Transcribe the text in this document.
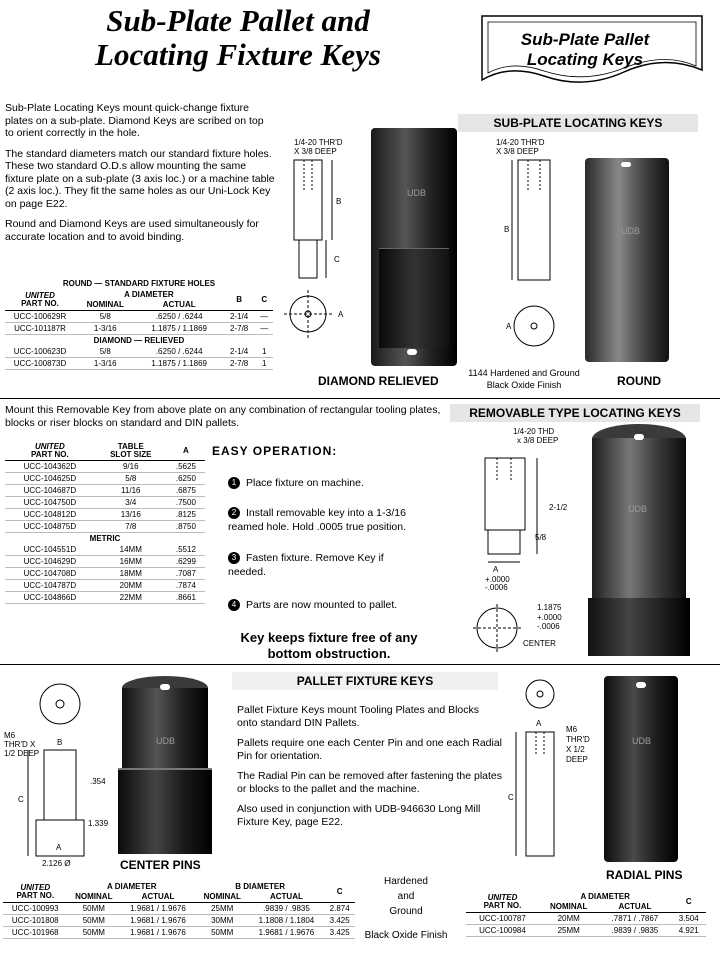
Sub-Plate Pallet and
Locating Fixture Keys	Sub-Plate Pallet
Locating Keys

Sub-Plate Locating Keys mount quick-change fixture plates on a sub-plate. Diamond Keys are scribed on top to orient correctly in the hole.

The standard diameters match our standard fixture holes. These two standard O.D.s allow mounting the same fixture plate on a sub-plate (3 axis loc.) or a machine table (2 axis loc.). They fit the same holes as our Uni-Lock Key on page E22.

Round and Diamond Keys are used simultaneously for accurate location and to avoid binding.

ROUND — STANDARD FIXTURE HOLES
UNITED
PART NO.	A DIAMETER		B	C
	NOMINAL	ACTUAL		
UCC-100629R	5/8	.6250 / .6244	2-1/4	—
UCC-101187R	1-3/16	1.1875 / 1.1869	2-7/8	—
DIAMOND — RELIEVED				
UCC-100623D	5/8	.6250 / .6244	2-1/4	1
UCC-100873D	1-3/16	1.1875 / 1.1869	2-7/8	1
SUB-PLATE LOCATING KEYS
1/4-20 THR'D
X 3/8 DEEP
B
C
A
UDB
1/4-20 THR'D
X 3/8 DEEP
B
A
UDB
DIAMOND RELIEVED
1144 Hardened and Ground
Black Oxide Finish	ROUND
Mount this Removable Key from above plate on any combination of rectangular tooling plates, blocks or riser blocks on standard and DIN pallets.
REMOVABLE TYPE LOCATING KEYS
UNITED
PART NO.	TABLE
SLOT SIZE	A
UCC-104362D	9/16	.5625
UCC-104625D	5/8	.6250
UCC-104687D	11/16	.6875
UCC-104750D	3/4	.7500
UCC-104812D	13/16	.8125
UCC-104875D	7/8	.8750
METRIC		
UCC-104551D	14MM	.5512
UCC-104629D	16MM	.6299
UCC-104708D	18MM	.7087
UCC-104787D	20MM	.7874
UCC-104866D	22MM	.8661
EASY OPERATION:
1 Place fixture on machine.
2 Install removable key into a 1-3/16 reamed hole. Hold .0005 true position.
3 Fasten fixture. Remove Key if needed.
4 Parts are now mounted to pallet.
Key keeps fixture free of any bottom obstruction.
1/4-20 THD
x 3/8 DEEP
2-1/2
5/8
A
+.0000
-.0006
1.1875
+.0000
-.0006
CENTER
UDB
PALLET FIXTURE KEYS

Pallet Fixture Keys mount Tooling Plates and Blocks onto standard DIN Pallets.

Pallets require one each Center Pin and one each Radial Pin for orientation.

The Radial Pin can be removed after fastening the plates or blocks to the pallet and the machine.

Also used in conjunction with UDB-946630 Long Mill Fixture Key, page E22.

M6
THR'D X
1/2 DEEP
B
C
.354
1.339
A
2.126 Ø
UDB
CENTER PINS
A
M6
THR'D
X 1/2
DEEP
C
UDB
RADIAL PINS
UNITED
PART NO.	A DIAMETER		B DIAMETER		C
	NOMINAL	ACTUAL	NOMINAL	ACTUAL	
UCC-100993	50MM	1.9681 / 1.9676	25MM	.9839 / .9835	2.874
UCC-101808	50MM	1.9681 / 1.9676	30MM	1.1808 / 1.1804	3.425
UCC-101968	50MM	1.9681 / 1.9676	50MM	1.9681 / 1.9676	3.425
Hardened
and
Ground
Black Oxide Finish
UNITED
PART NO.	A DIAMETER		C
	NOMINAL	ACTUAL	
UCC-100787	20MM	.7871 / .7867	3.504
UCC-100984	25MM	.9839 / .9835	4.921
